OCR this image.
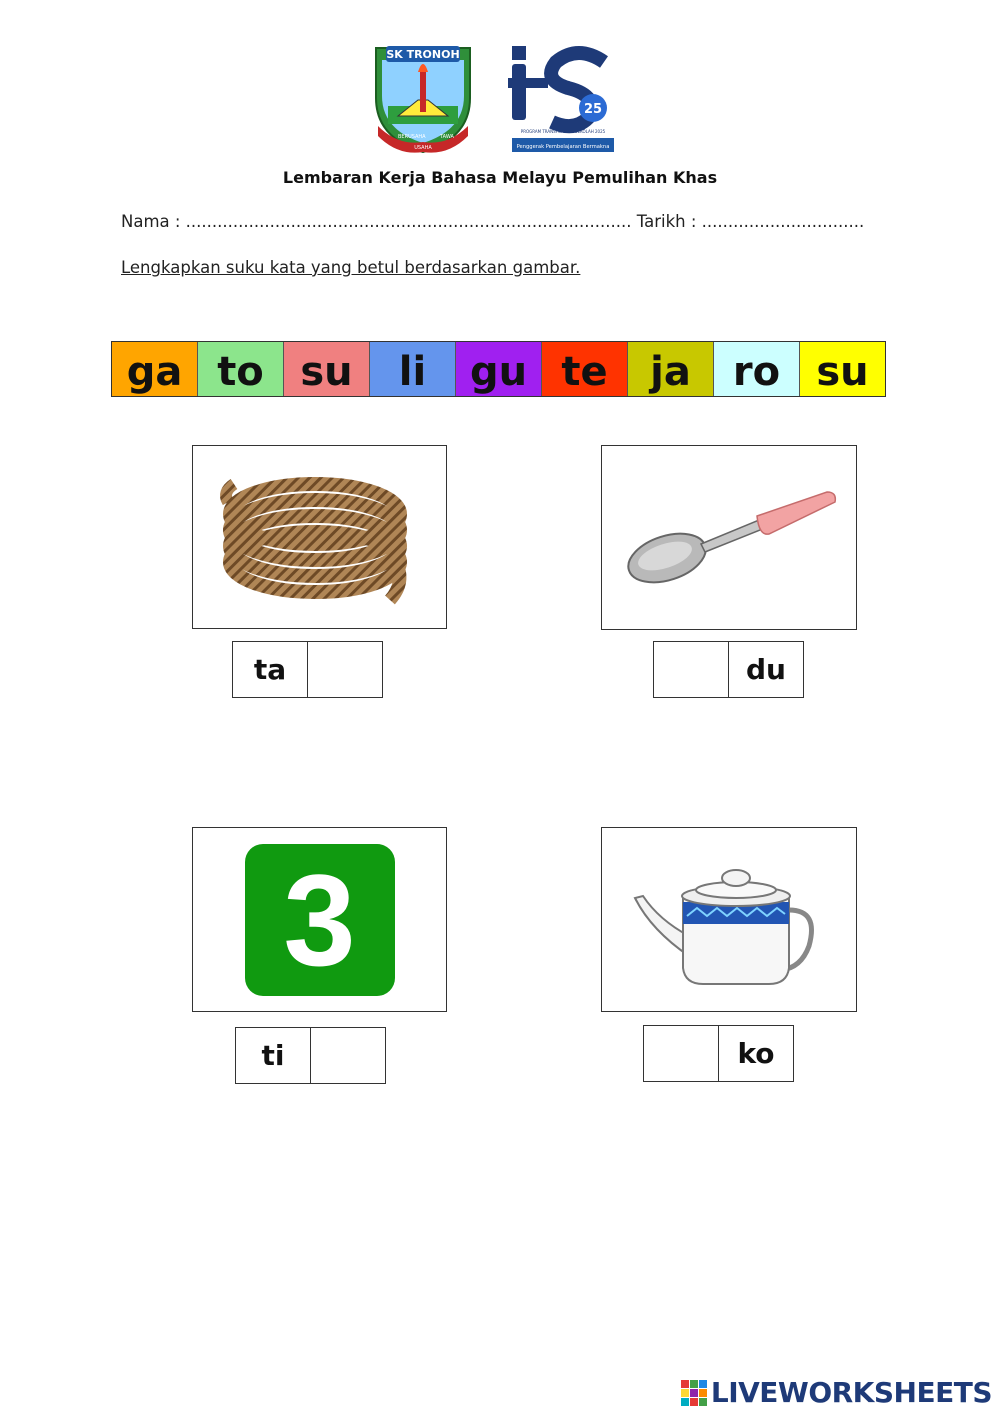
SK TRONOH
BERUSAHA
USAHA
TAWA
25
PROGRAM TRANSFORMASI SEKOLAH 2025
Penggerak Pembelajaran Bermakna
Lembaran Kerja Bahasa Melayu Pemulihan Khas
Nama : ..................................................................................... Tarikh : ...............................
Lengkapkan suku kata yang betul berdasarkan gambar.
ga to su	li	gu te	ja	ro su
ta	du
3
ti	ko
LIVEWORKSHEETS
